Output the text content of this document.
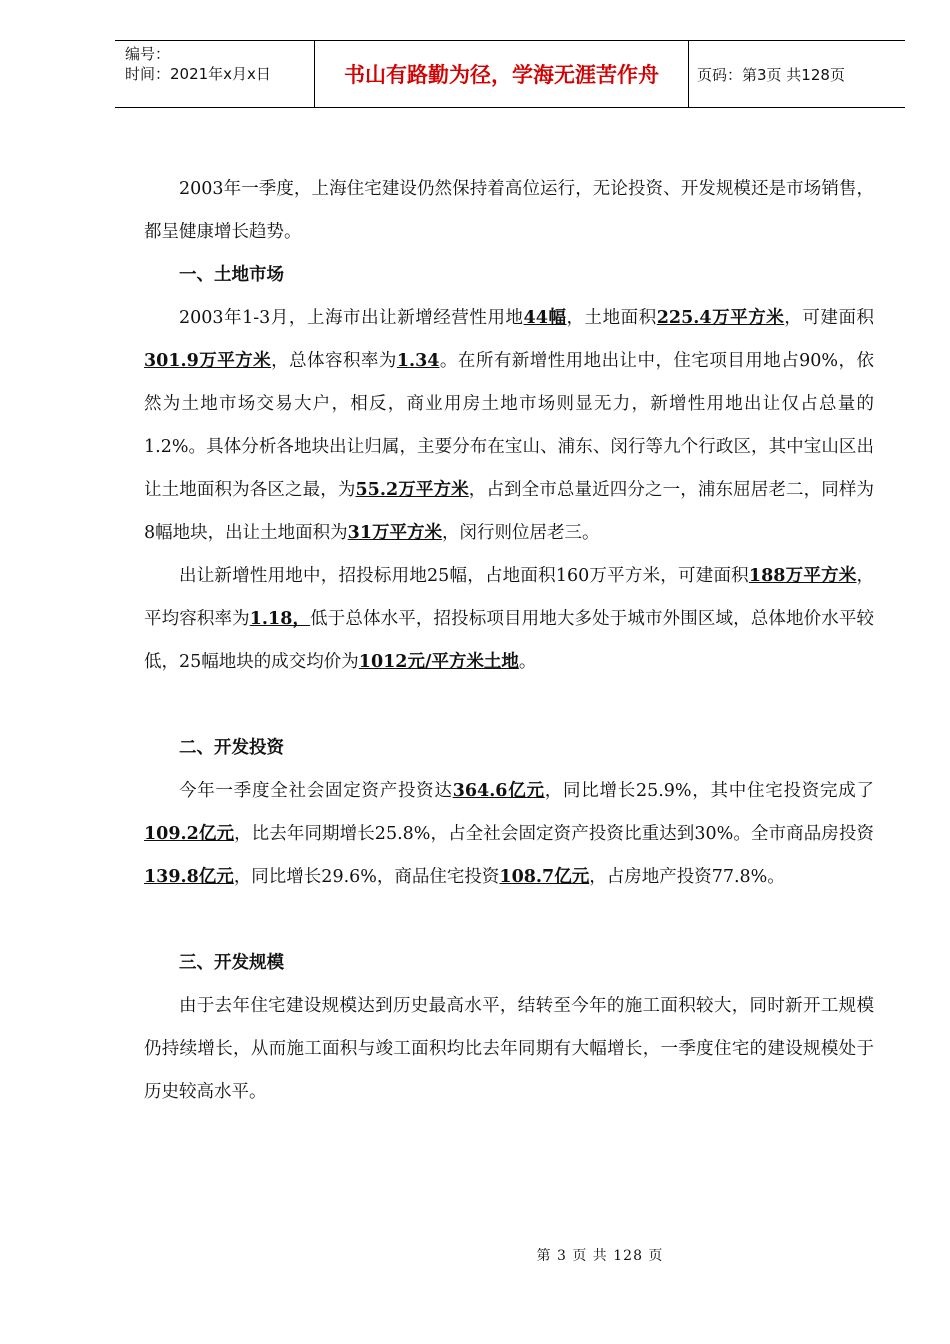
编号：
时间：2021年x月x日	书山有路勤为径，学海无涯苦作舟	页码：第3页 共128页

2003年一季度，上海住宅建设仍然保持着高位运行，无论投资、开发规模还是市场销售，都呈健康增长趋势。

一、土地市场

2003年1-3月，上海市出让新增经营性用地44幅，土地面积225.4万平方米，可建面积301.9万平方米，总体容积率为1.34。在所有新增性用地出让中，住宅项目用地占90%，依然为土地市场交易大户，相反，商业用房土地市场则显无力，新增性用地出让仅占总量的1.2%。具体分析各地块出让归属，主要分布在宝山、浦东、闵行等九个行政区，其中宝山区出让土地面积为各区之最，为55.2万平方米，占到全市总量近四分之一，浦东屈居老二，同样为8幅地块，出让土地面积为31万平方米，闵行则位居老三。

出让新增性用地中，招投标用地25幅，占地面积160万平方米，可建面积188万平方米，平均容积率为1.18，低于总体水平，招投标项目用地大多处于城市外围区域，总体地价水平较低，25幅地块的成交均价为1012元/平方米土地。

二、开发投资

今年一季度全社会固定资产投资达364.6亿元，同比增长25.9%，其中住宅投资完成了109.2亿元，比去年同期增长25.8%，占全社会固定资产投资比重达到30%。全市商品房投资139.8亿元，同比增长29.6%，商品住宅投资108.7亿元，占房地产投资77.8%。

三、开发规模

由于去年住宅建设规模达到历史最高水平，结转至今年的施工面积较大，同时新开工规模仍持续增长，从而施工面积与竣工面积均比去年同期有大幅增长，一季度住宅的建设规模处于历史较高水平。

第 3 页 共 128 页
